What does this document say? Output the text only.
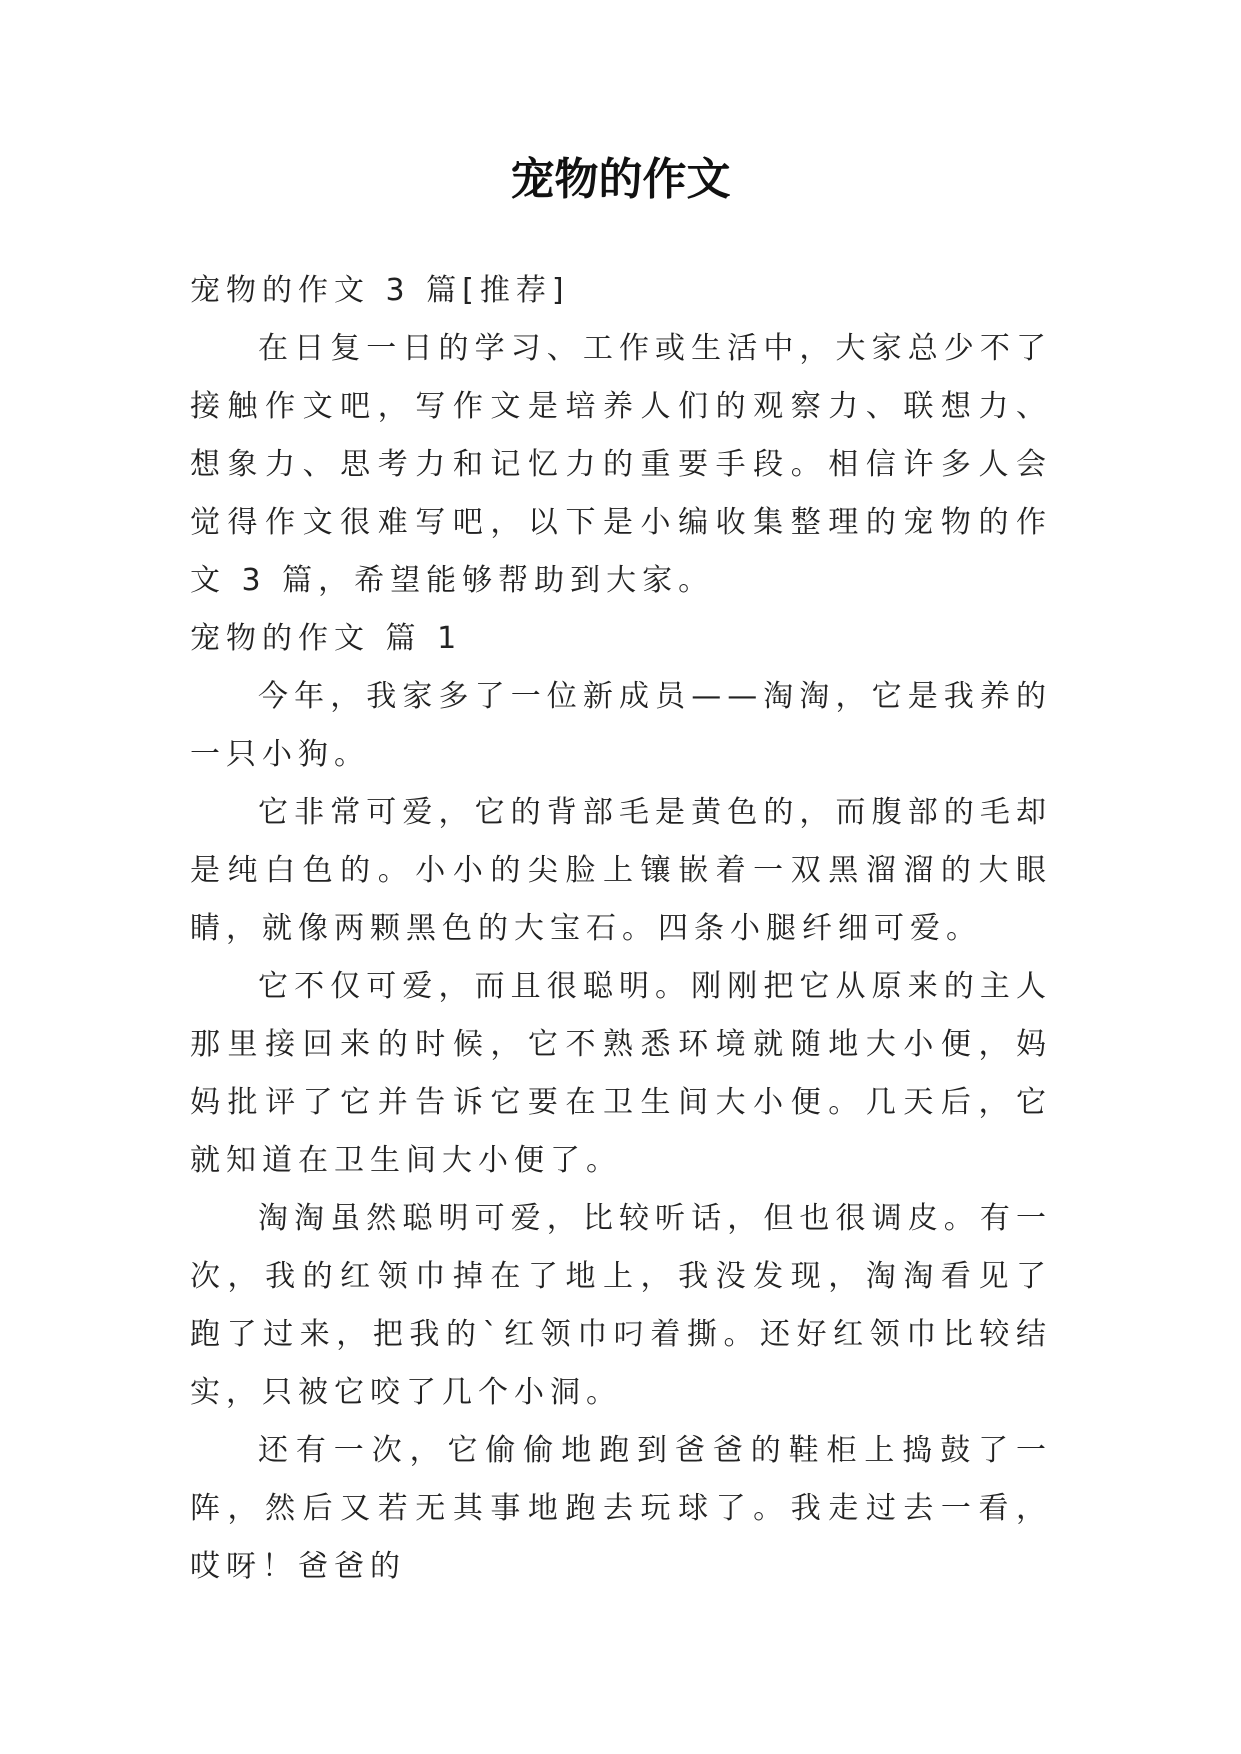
宠物的作文

宠物的作文 3 篇[推荐]

在日复一日的学习、工作或生活中，大家总少不了接触作文吧，写作文是培养人们的观察力、联想力、想象力、思考力和记忆力的重要手段。相信许多人会觉得作文很难写吧，以下是小编收集整理的宠物的作文 3 篇，希望能够帮助到大家。

宠物的作文 篇 1

今年，我家多了一位新成员——淘淘，它是我养的一只小狗。

它非常可爱，它的背部毛是黄色的，而腹部的毛却是纯白色的。小小的尖脸上镶嵌着一双黑溜溜的大眼睛，就像两颗黑色的大宝石。四条小腿纤细可爱。

它不仅可爱，而且很聪明。刚刚把它从原来的主人那里接回来的时候，它不熟悉环境就随地大小便，妈妈批评了它并告诉它要在卫生间大小便。几天后，它就知道在卫生间大小便了。

淘淘虽然聪明可爱，比较听话，但也很调皮。有一次，我的红领巾掉在了地上，我没发现，淘淘看见了跑了过来，把我的`红领巾叼着撕。还好红领巾比较结实，只被它咬了几个小洞。

还有一次，它偷偷地跑到爸爸的鞋柜上捣鼓了一阵，然后又若无其事地跑去玩球了。我走过去一看，哎呀！爸爸的
